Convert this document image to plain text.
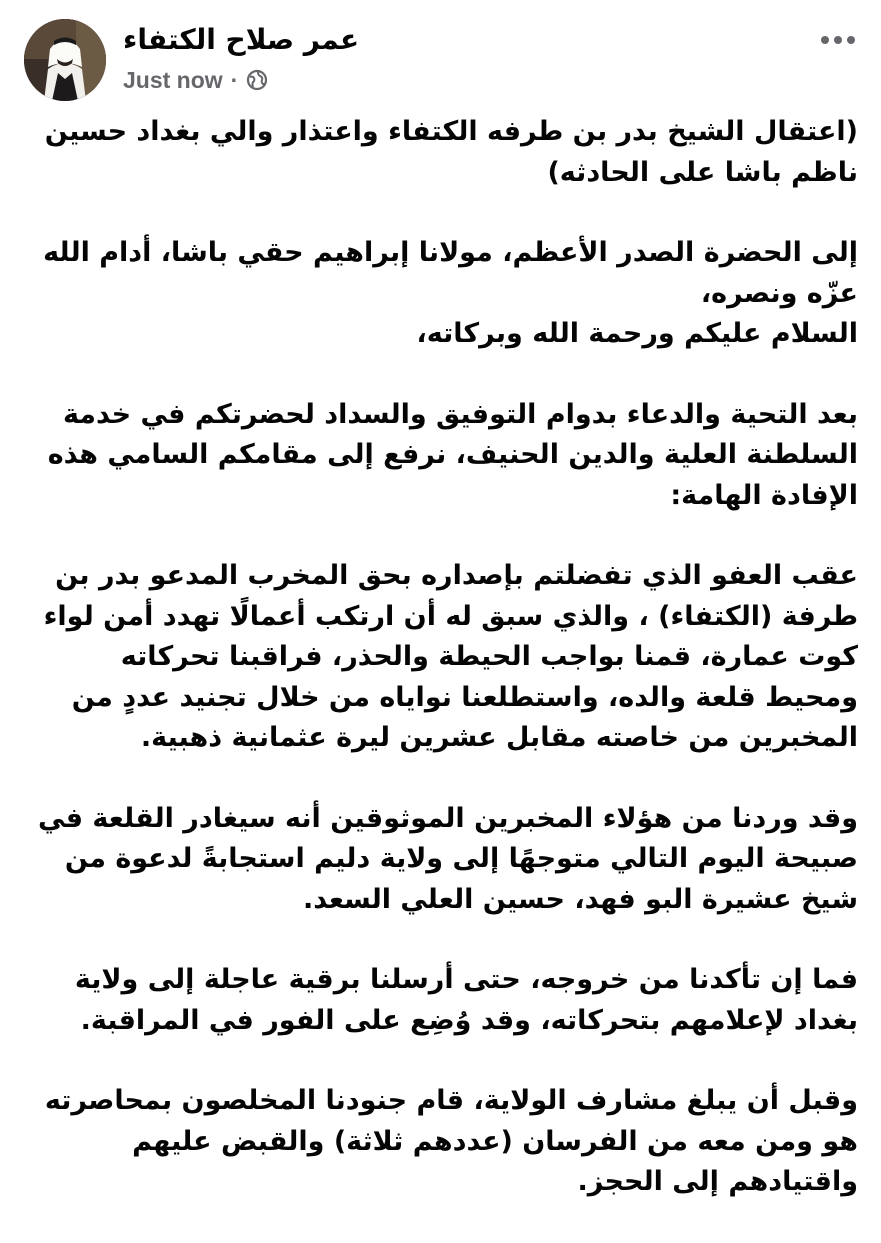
عمر صلاح الكتفاء
Just now ·

(اعتقال الشيخ بدر بن طرفه الكتفاء واعتذار والي بغداد حسين ناظم باشا على الحادثه)

إلى الحضرة الصدر الأعظم، مولانا إبراهيم حقي باشا، أدام الله عزّه ونصره،
السلام عليكم ورحمة الله وبركاته،

بعد التحية والدعاء بدوام التوفيق والسداد لحضرتكم في خدمة السلطنة العلية والدين الحنيف، نرفع إلى مقامكم السامي هذه الإفادة الهامة:

عقب العفو الذي تفضلتم بإصداره بحق المخرب المدعو بدر بن طرفة (الكتفاء) ، والذي سبق له أن ارتكب أعمالًا تهدد أمن لواء كوت عمارة، قمنا بواجب الحيطة والحذر، فراقبنا تحركاته ومحيط قلعة والده، واستطلعنا نواياه من خلال تجنيد عددٍ من المخبرين من خاصته مقابل عشرين ليرة عثمانية ذهبية.

وقد وردنا من هؤلاء المخبرين الموثوقين أنه سيغادر القلعة في صبيحة اليوم التالي متوجهًا إلى ولاية دليم استجابةً لدعوة من شيخ عشيرة البو فهد، حسين العلي السعد.

فما إن تأكدنا من خروجه، حتى أرسلنا برقية عاجلة إلى ولاية بغداد لإعلامهم بتحركاته، وقد وُضِع على الفور في المراقبة.

وقبل أن يبلغ مشارف الولاية، قام جنودنا المخلصون بمحاصرته هو ومن معه من الفرسان (عددهم ثلاثة) والقبض عليهم واقتيادهم إلى الحجز.
